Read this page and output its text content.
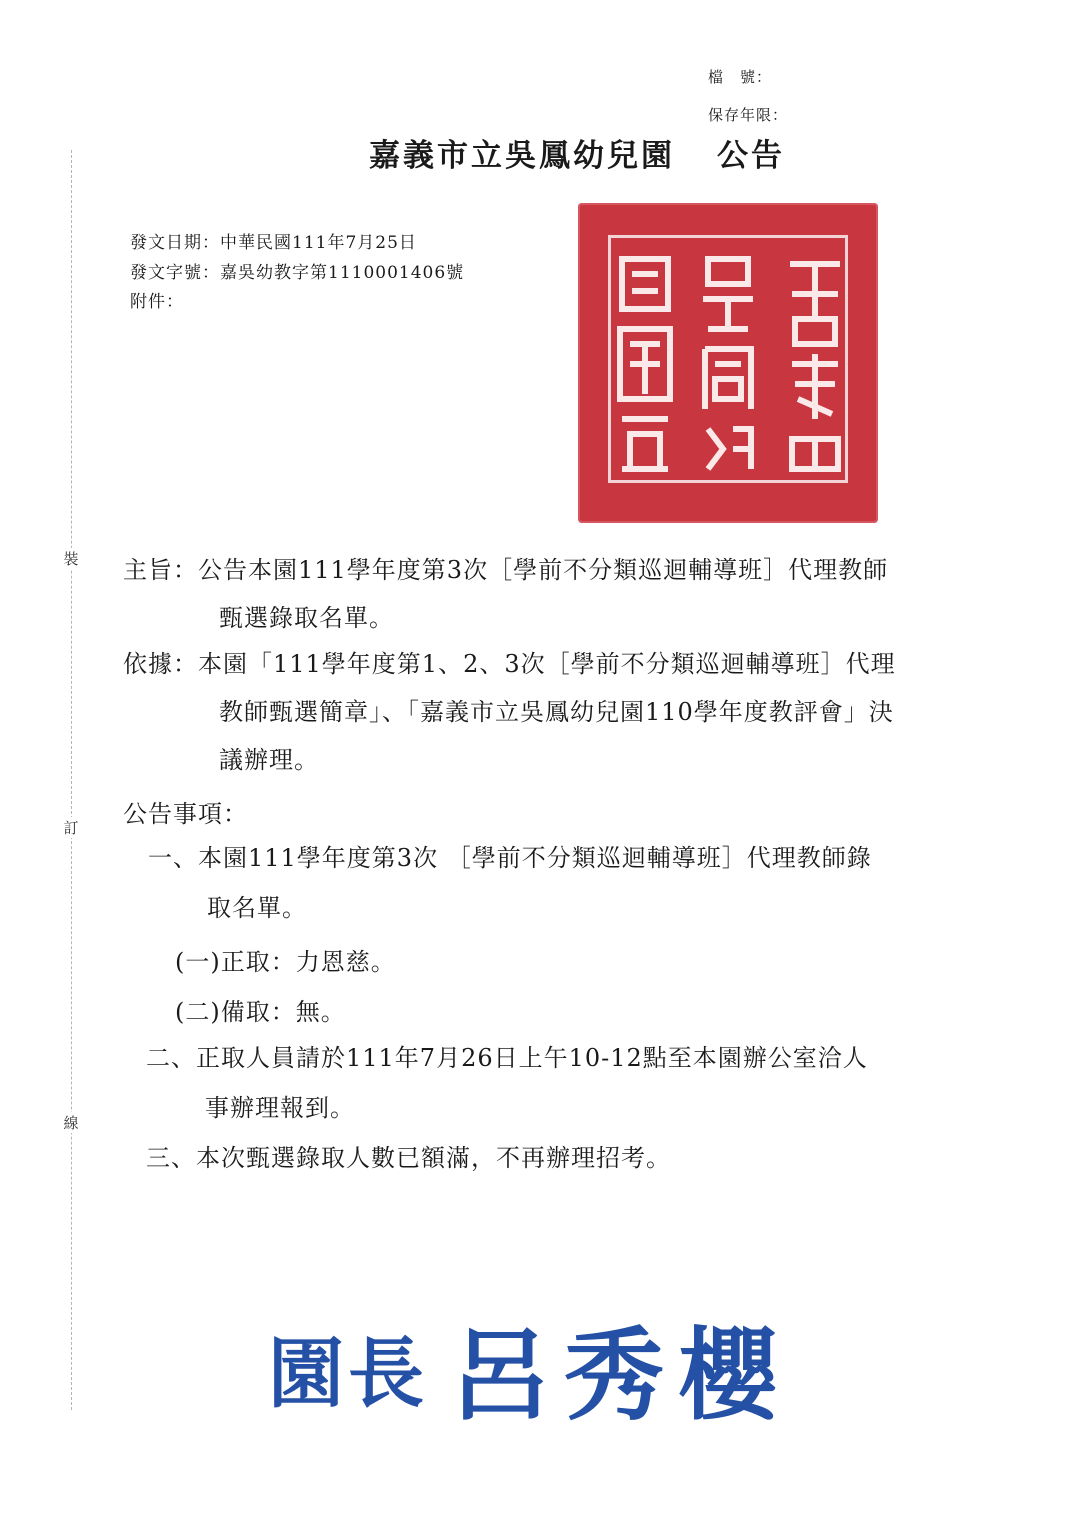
裝
訂
線
檔　號：
保存年限：
嘉義市立吳鳳幼兒園 公告
發文日期：中華民國111年7月25日
發文字號：嘉吳幼教字第1110001406號
附件：
主旨：公告本園111學年度第3次［學前不分類巡迴輔導班］代理教師
甄選錄取名單。
依據：本園「111學年度第1、2、3次［學前不分類巡迴輔導班］代理
教師甄選簡章」、「嘉義市立吳鳳幼兒園110學年度教評會」決
議辦理。
公告事項：
一、本園111學年度第3次 ［學前不分類巡迴輔導班］代理教師錄
取名單。
(一)正取：力恩慈。
(二)備取：無。
二、正取人員請於111年7月26日上午10-12點至本園辦公室洽人
事辦理報到。
三、本次甄選錄取人數已額滿，不再辦理招考。
園長 呂秀櫻
